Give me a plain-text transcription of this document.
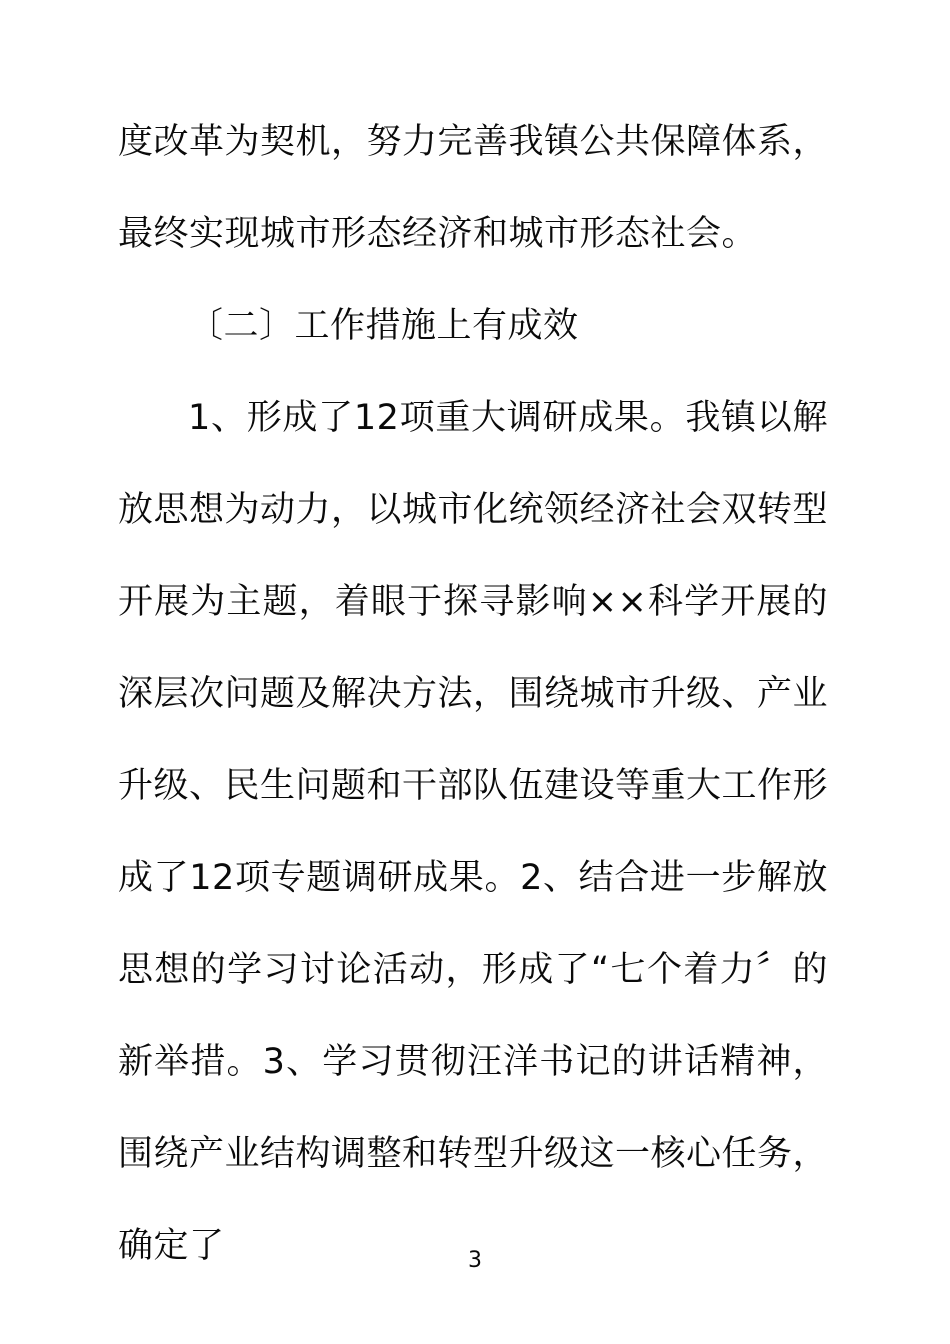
度改革为契机，努力完善我镇公共保障体系，最终实现城市形态经济和城市形态社会。

〔二〕工作措施上有成效

1、形成了12项重大调研成果。我镇以解放思想为动力，以城市化统领经济社会双转型开展为主题，着眼于探寻影响××科学开展的深层次问题及解决方法，围绕城市升级、产业升级、民生问题和干部队伍建设等重大工作形成了12项专题调研成果。2、结合进一步解放思想的学习讨论活动，形成了“七个着力〞的新举措。3、学习贯彻汪洋书记的讲话精神，围绕产业结构调整和转型升级这一核心任务，确定了	3
